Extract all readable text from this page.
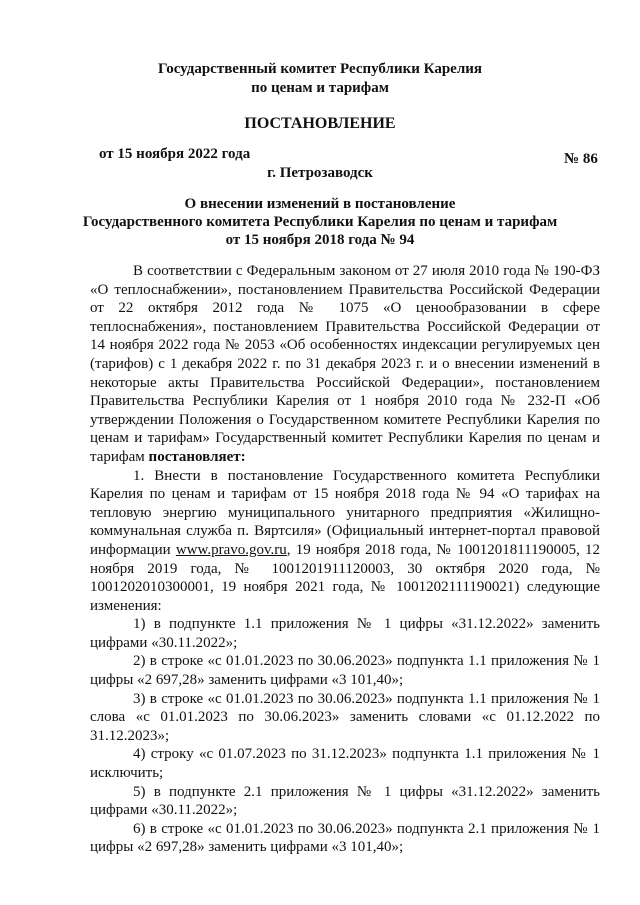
Государственный комитет Республики Карелия
по ценам и тарифам
ПОСТАНОВЛЕНИЕ
от 15 ноября 2022 года	№ 86
г. Петрозаводск
О внесении изменений в постановление
Государственного комитета Республики Карелия по ценам и тарифам
от 15 ноября 2018 года № 94

В соответствии с Федеральным законом от 27 июля 2010 года № 190-ФЗ «О теплоснабжении», постановлением Правительства Российской Федерации от 22 октября 2012 года № 1075 «О ценообразовании в сфере теплоснабжения», постановлением Правительства Российской Федерации от 14 ноября 2022 года № 2053 «Об особенностях индексации регулируемых цен (тарифов) с 1 декабря 2022 г. по 31 декабря 2023 г. и о внесении изменений в некоторые акты Правительства Российской Федерации», постановлением Правительства Республики Карелия от 1 ноября 2010 года № 232-П «Об утверждении Положения о Государственном комитете Республики Карелия по ценам и тарифам» Государственный комитет Республики Карелия по ценам и тарифам постановляет:

1. Внести в постановление Государственного комитета Республики Карелия по ценам и тарифам от 15 ноября 2018 года № 94 «О тарифах на тепловую энергию муниципального унитарного предприятия «Жилищно-коммунальная служба п. Вяртсиля» (Официальный интернет-портал правовой информации www.pravo.gov.ru, 19 ноября 2018 года, № 1001201811190005, 12 ноября 2019 года, № 1001201911120003, 30 октября 2020 года, № 1001202010300001, 19 ноября 2021 года, № 1001202111190021) следующие изменения:

1) в подпункте 1.1 приложения № 1 цифры «31.12.2022» заменить цифрами «30.11.2022»;

2) в строке «с 01.01.2023 по 30.06.2023» подпункта 1.1 приложения № 1 цифры «2 697,28» заменить цифрами «3 101,40»;

3) в строке «с 01.01.2023 по 30.06.2023» подпункта 1.1 приложения № 1 слова «с 01.01.2023 по 30.06.2023» заменить словами «с 01.12.2022 по 31.12.2023»;

4) строку «с 01.07.2023 по 31.12.2023» подпункта 1.1 приложения № 1 исключить;

5) в подпункте 2.1 приложения № 1 цифры «31.12.2022» заменить цифрами «30.11.2022»;

6) в строке «с 01.01.2023 по 30.06.2023» подпункта 2.1 приложения № 1 цифры «2 697,28» заменить цифрами «3 101,40»;
